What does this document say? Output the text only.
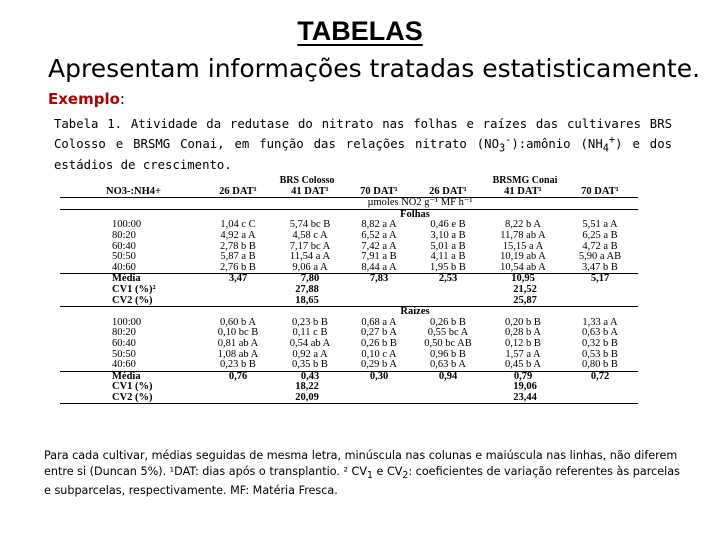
TABELAS
Apresentam informações tratadas estatisticamente.
Exemplo:
Tabela 1. Atividade da redutase do nitrato nas folhas e raízes das cultivares BRS Colosso e BRSMG Conai, em função das relações nitrato $(NO_3^-):amônio$ $(NH_4^+)$ e dos estádios de crescimento.
	BRS Colosso			BRSMG Conai		
NO3-:NH4+	26 DAT¹	41 DAT¹	70 DAT¹	26 DAT¹	41 DAT¹	70 DAT¹
	µmoles NO2 g⁻¹ MF h⁻¹					
			Folhas			
100:00	1,04 c C	5,74 bc B	8,82 a A	0,46 e B	8,22 b A	5,51 a A
80:20	4,92 a A	4,58 c A	6,52 a A	3,10 a B	11,78 ab A	6,25 a B
60:40	2,78 b B	7,17 bc A	7,42 a A	5,01 a B	15,15 a A	4,72 a B
50:50	5,87 a B	11,54 a A	7,91 a B	4,11 a B	10,19 ab A	5,90 a AB
40:60	2,76 b B	9,06 a A	8,44 a A	1,95 b B	10,54 ab A	3,47 b B
Média	3,47	7,80	7,83	2,53	10,95	5,17
CV1 (%)²	27,88			21,52		
CV2 (%)	18,65			25,87		
			Raízes			
100:00	0,60 b A	0,23 b B	0,68 a A	0,26 b B	0,20 b B	1,33 a A
80:20	0,10 bc B	0,11 c B	0,27 b A	0,55 bc A	0,28 b A	0,63 b A
60:40	0,81 ab A	0,54 ab A	0,26 b B	0,50 bc AB	0,12 b B	0,32 b B
50:50	1,08 ab A	0,92 a A	0,10 c A	0,96 b B	1,57 a A	0,53 b B
40:60	0,23 b B	0,35 b B	0,29 b A	0,63 b A	0,45 b A	0,80 b B
Média	0,76	0,43	0,30	0,94	0,79	0,72
CV1 (%)	18,22			19,06		
CV2 (%)	20,09			23,44		
Para cada cultivar, médias seguidas de mesma letra, minúscula nas colunas e maiúscula nas linhas, não diferem entre si (Duncan 5%). ¹DAT: dias após o transplantio. ² $CV_1$ e $CV_2$: coeficientes de variação referentes às parcelas e subparcelas, respectivamente. MF: Matéria Fresca.
